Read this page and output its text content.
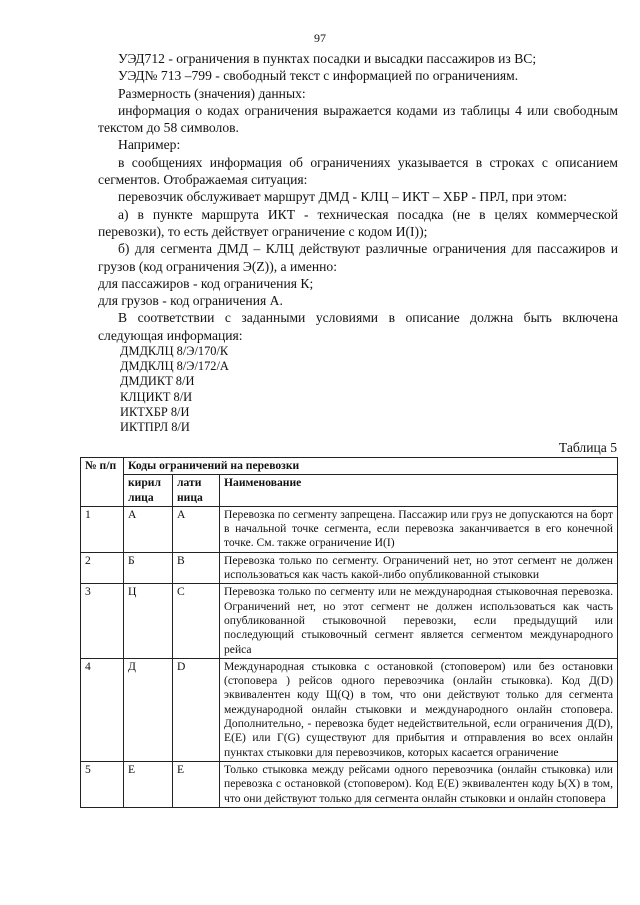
97

УЭД712 - ограничения в пунктах посадки и высадки пассажиров из ВС;

УЭД№ 713 –799 - свободный текст с информацией по ограничениям.

Размерность (значения) данных:

информация о кодах ограничения выражается кодами из таблицы 4 или свободным текстом до 58 символов.

Например:

в сообщениях информация об ограничениях указывается в строках с описанием сегментов. Отображаемая ситуация:

перевозчик обслуживает маршрут ДМД - КЛЦ – ИКТ – ХБР - ПРЛ, при этом:

а) в пункте маршрута ИКТ - техническая посадка (не в целях коммерческой перевозки), то есть действует ограничение с кодом И(I));

б) для сегмента ДМД – КЛЦ действуют различные ограничения для пассажиров и грузов (код ограничения Э(Z)), а именно:

для пассажиров - код ограничения К;

для грузов - код ограничения А.

В соответствии с заданными условиями в описание должна быть включена следующая информация:

ДМДКЛЦ 8/Э/170/К
ДМДКЛЦ 8/Э/172/А
ДМДИКТ 8/И
КЛЦИКТ 8/И
ИКТХБР 8/И
ИКТПРЛ 8/И
Таблица 5
№ п/п	Коды ограничений на перевозки		
	кирил лица	лати ница	Наименование
1	А	А	Перевозка по сегменту запрещена. Пассажир или груз не допускаются на борт в начальной точке сегмента, если перевозка заканчивается в его конечной точке. См. также ограничение И(I)
2	Б	В	Перевозка только по сегменту. Ограничений нет, но этот сегмент не должен использоваться как часть какой-либо опубликованной стыковки
3	Ц	С	Перевозка только по сегменту или не международная стыковочная перевозка. Ограничений нет, но этот сегмент не должен использоваться как часть опубликованной стыковочной перевозки, если предыдущий или последующий стыковочный сегмент является сегментом международного рейса
4	Д	D	Международная стыковка с остановкой (стоповером) или без остановки (стоповера ) рейсов одного перевозчика (онлайн стыковка). Код Д(D) эквивалентен коду Щ(Q) в том, что они действуют только для сегмента международной онлайн стыковки и международного онлайн стоповера. Дополнительно, - перевозка будет недействительной, если ограничения Д(D), Е(Е) или Г(G) существуют для прибытия и отправления во всех онлайн пунктах стыковки для перевозчиков, которых касается ограничение
5	Е	Е	Только стыковка между рейсами одного перевозчика (онлайн стыковка) или перевозка с остановкой (стоповером). Код Е(Е) эквивалентен коду Ь(X) в том, что они действуют только для сегмента онлайн стыковки и онлайн стоповера
